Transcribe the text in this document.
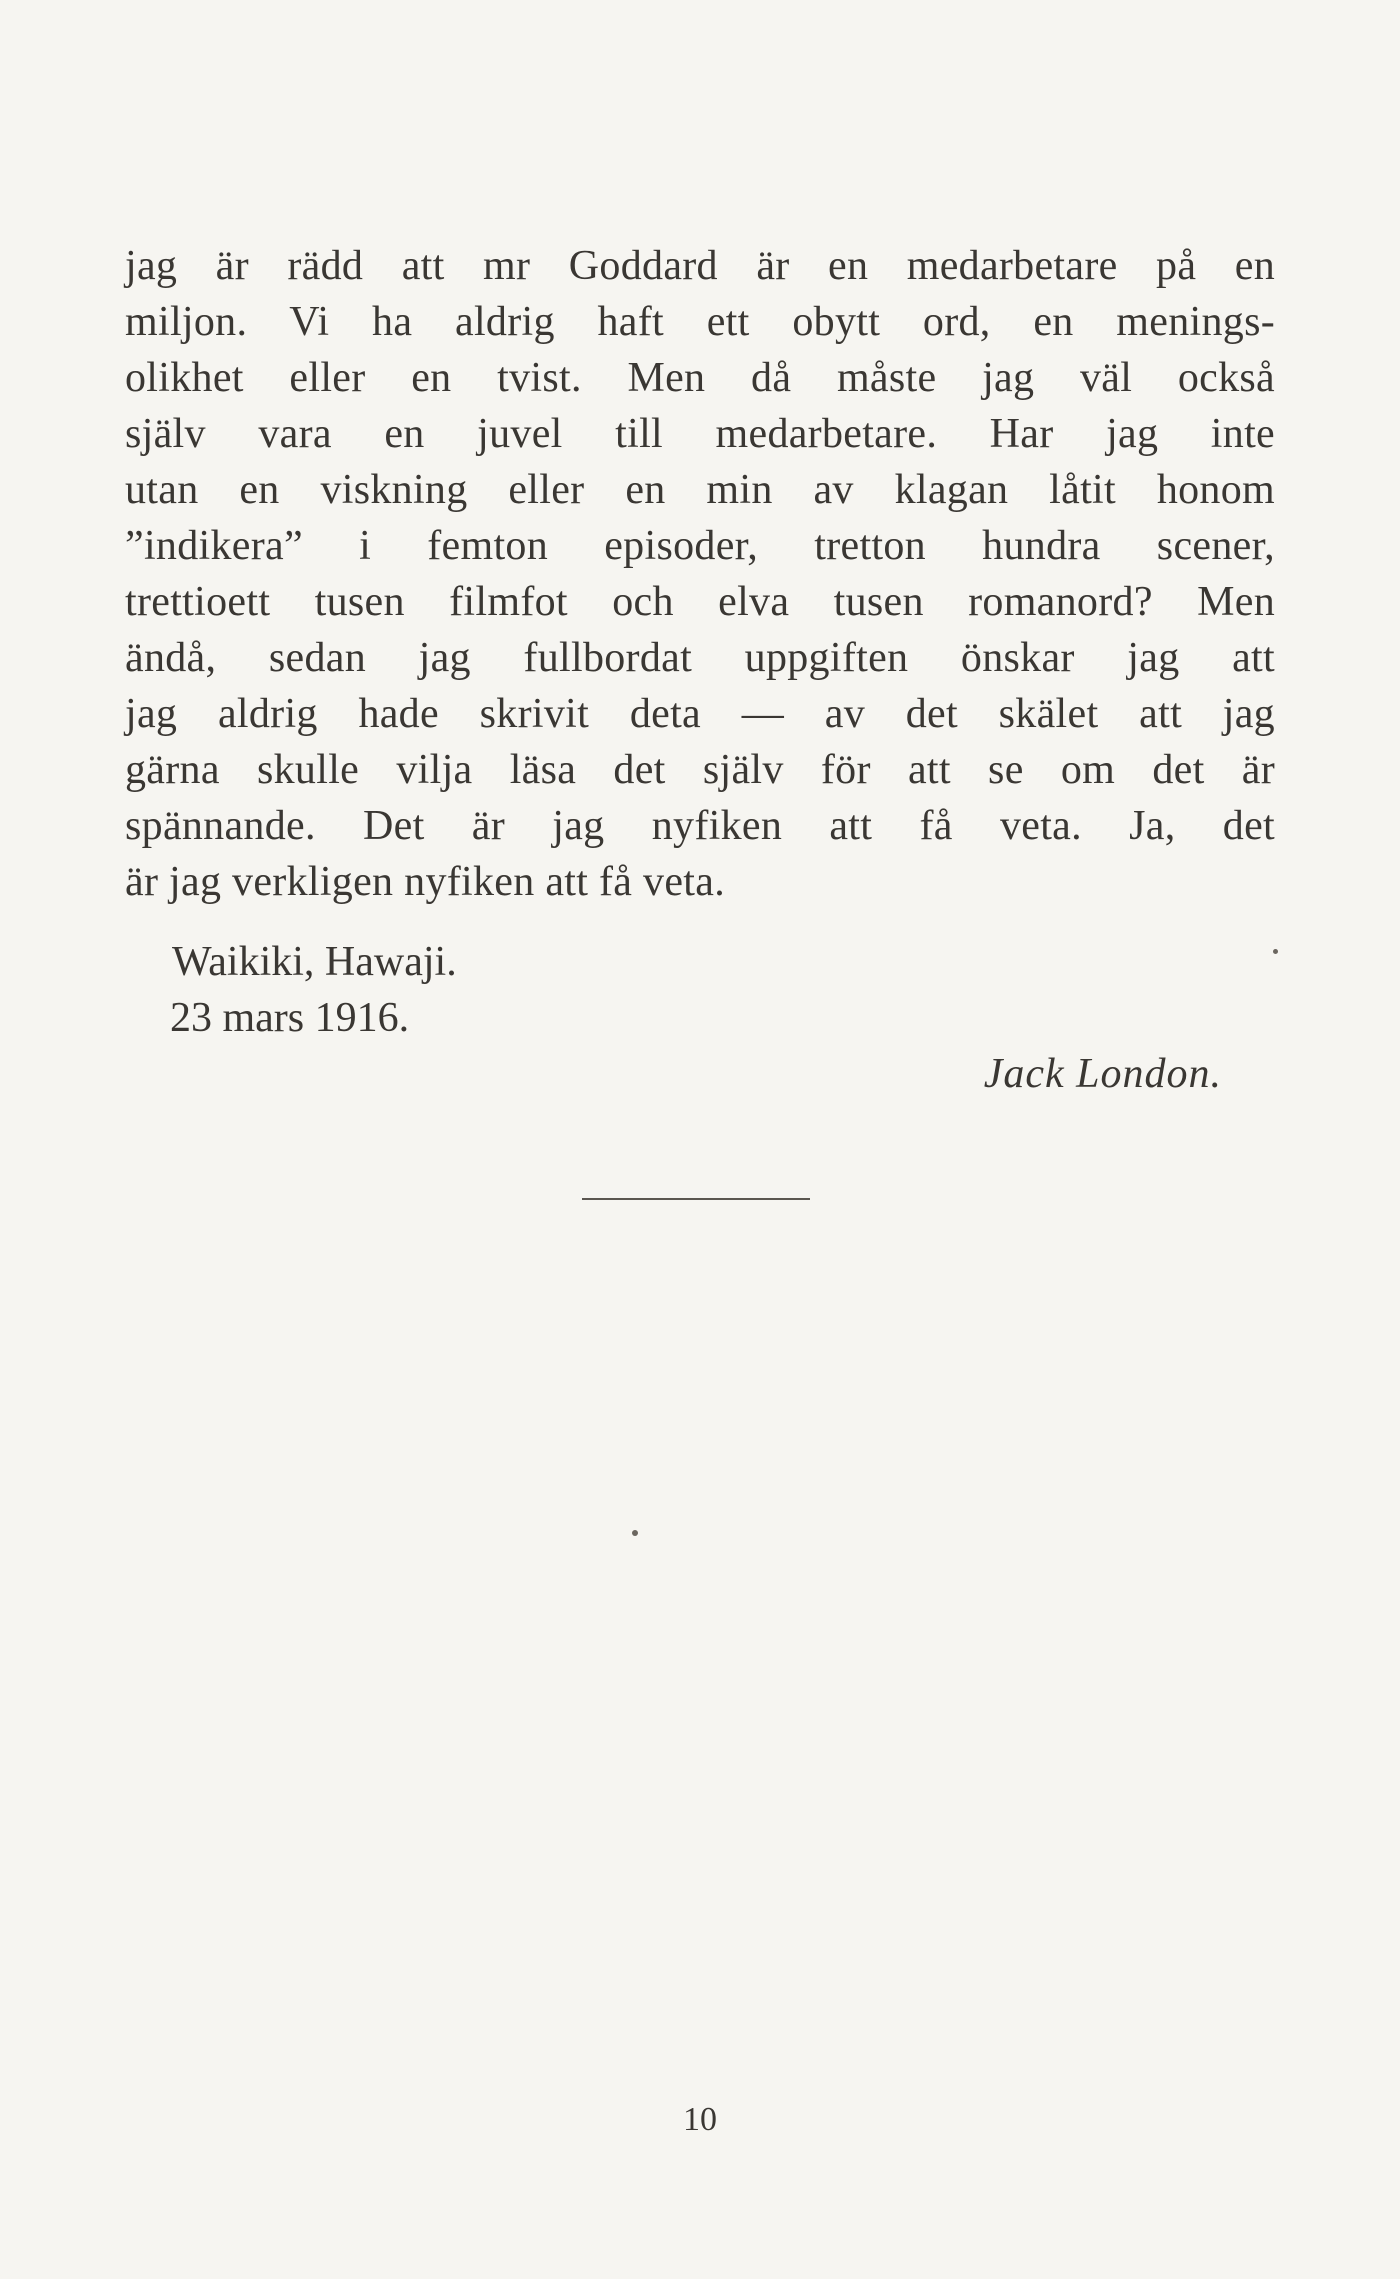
jag är rädd att mr Goddard är en medarbetare på en
miljon. Vi ha aldrig haft ett obytt ord, en menings-
olikhet eller en tvist. Men då måste jag väl också
själv vara en juvel till medarbetare. Har jag inte
utan en viskning eller en min av klagan låtit honom
”indikera” i femton episoder, tretton hundra scener,
trettioett tusen filmfot och elva tusen romanord? Men
ändå, sedan jag fullbordat uppgiften önskar jag att
jag aldrig hade skrivit deta — av det skälet att jag
gärna skulle vilja läsa det själv för att se om det är
spännande. Det är jag nyfiken att få veta. Ja, det
är jag verkligen nyfiken att få veta.
Waikiki, Hawaji.
23 mars 1916.
Jack London.
10
